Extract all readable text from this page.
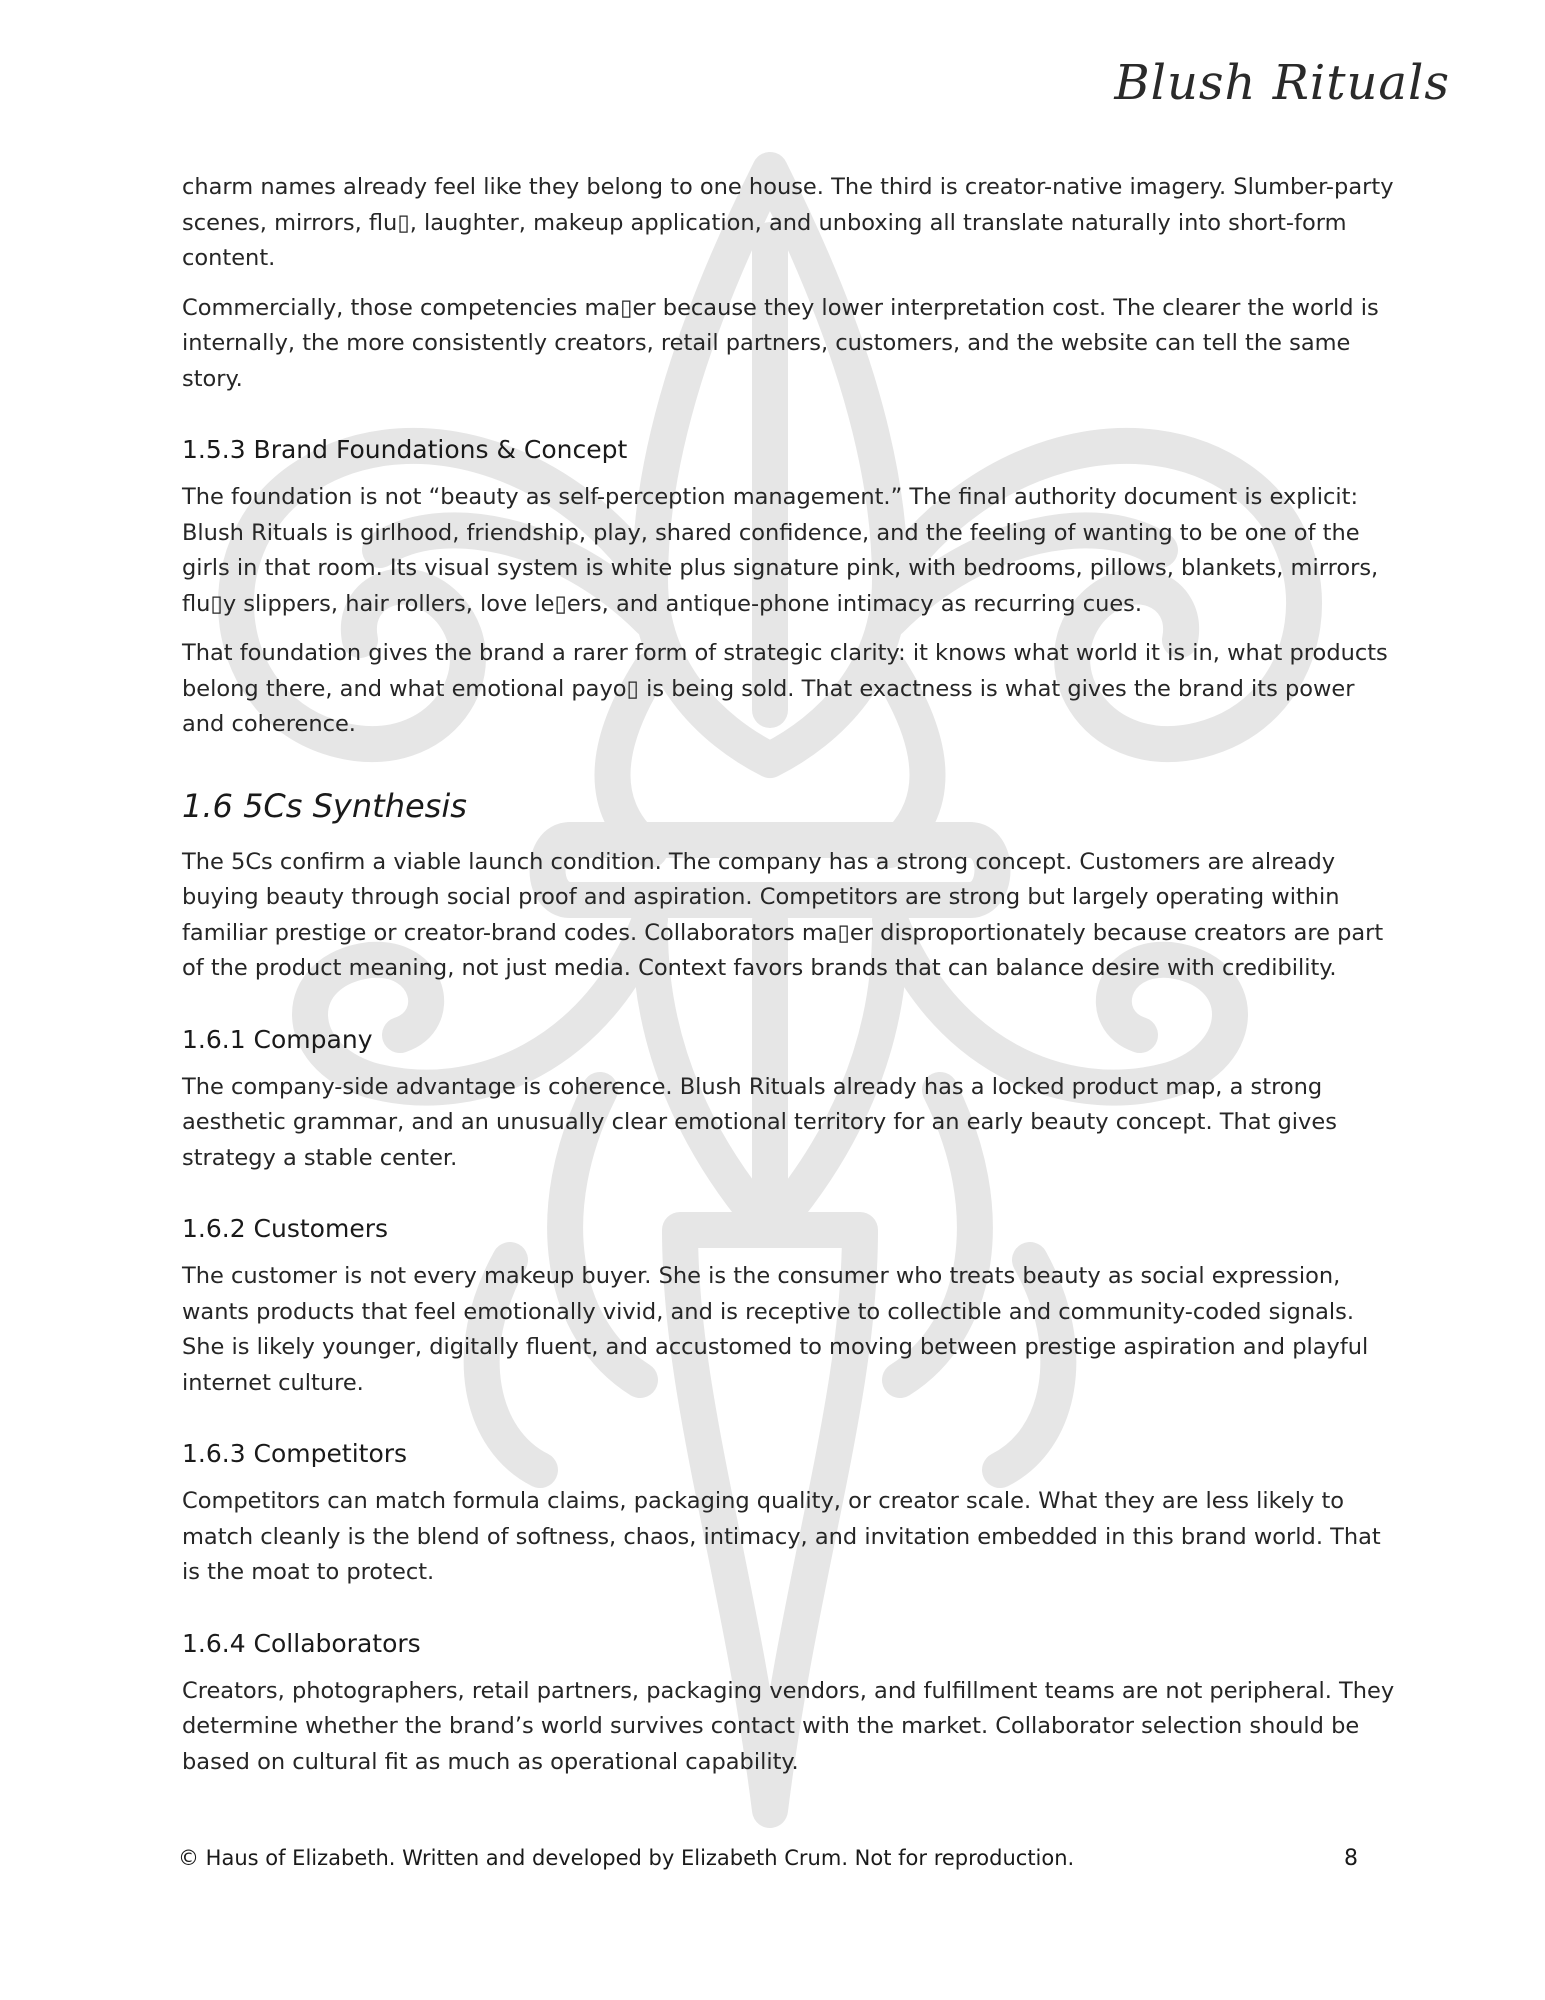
Blush Rituals

charm names already feel like they belong to one house. The third is creator-native imagery. Slumber-party scenes, mirrors, flu▯, laughter, makeup application, and unboxing all translate naturally into short-form content.

Commercially, those competencies ma▯er because they lower interpretation cost. The clearer the world is internally, the more consistently creators, retail partners, customers, and the website can tell the same story.

1.5.3 Brand Foundations & Concept

The foundation is not “beauty as self-perception management.” The final authority document is explicit: Blush Rituals is girlhood, friendship, play, shared confidence, and the feeling of wanting to be one of the girls in that room. Its visual system is white plus signature pink, with bedrooms, pillows, blankets, mirrors, flu▯y slippers, hair rollers, love le▯ers, and antique-phone intimacy as recurring cues.

That foundation gives the brand a rarer form of strategic clarity: it knows what world it is in, what products belong there, and what emotional payo▯ is being sold. That exactness is what gives the brand its power and coherence.

1.6 5Cs Synthesis

The 5Cs confirm a viable launch condition. The company has a strong concept. Customers are already buying beauty through social proof and aspiration. Competitors are strong but largely operating within familiar prestige or creator-brand codes. Collaborators ma▯er disproportionately because creators are part of the product meaning, not just media. Context favors brands that can balance desire with credibility.

1.6.1 Company

The company-side advantage is coherence. Blush Rituals already has a locked product map, a strong aesthetic grammar, and an unusually clear emotional territory for an early beauty concept. That gives strategy a stable center.

1.6.2 Customers

The customer is not every makeup buyer. She is the consumer who treats beauty as social expression, wants products that feel emotionally vivid, and is receptive to collectible and community-coded signals. She is likely younger, digitally fluent, and accustomed to moving between prestige aspiration and playful internet culture.

1.6.3 Competitors

Competitors can match formula claims, packaging quality, or creator scale. What they are less likely to match cleanly is the blend of softness, chaos, intimacy, and invitation embedded in this brand world. That is the moat to protect.

1.6.4 Collaborators

Creators, photographers, retail partners, packaging vendors, and fulfillment teams are not peripheral. They determine whether the brand’s world survives contact with the market. Collaborator selection should be based on cultural fit as much as operational capability.

© Haus of Elizabeth. Written and developed by Elizabeth Crum. Not for reproduction.	8
